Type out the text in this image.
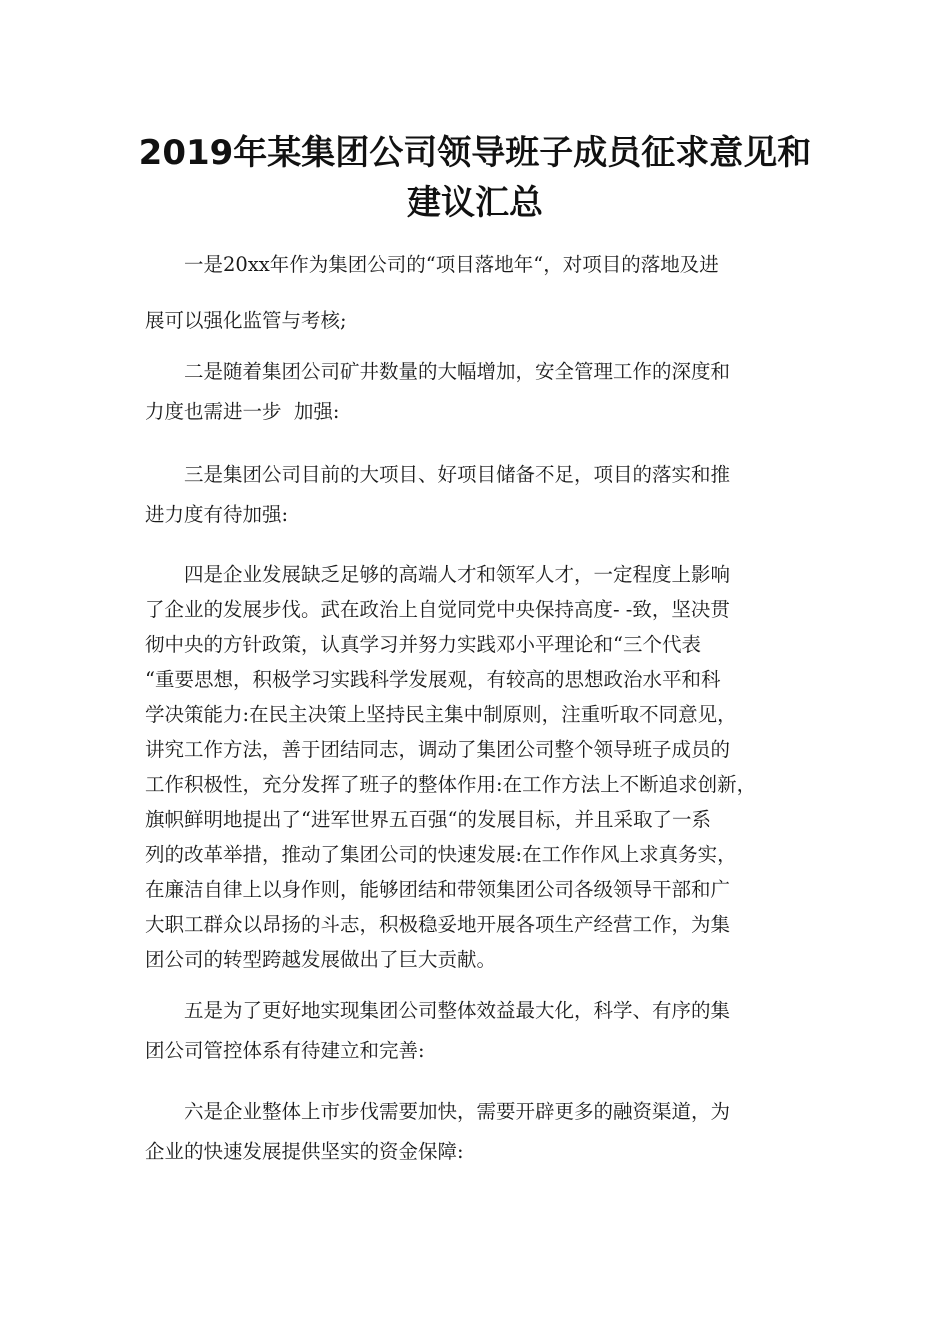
2019年某集团公司领导班子成员征求意见和
建议汇总
一是20xx年作为集团公司的“项目落地年“，对项目的落地及进
展可以强化监管与考核;
二是随着集团公司矿井数量的大幅增加，安全管理工作的深度和
力度也需进一步  加强:
三是集团公司目前的大项目、好项目储备不足，项目的落实和推
进力度有待加强:
四是企业发展缺乏足够的高端人才和领军人才，一定程度上影响
了企业的发展步伐。武在政治上自觉同党中央保持高度- -致，坚决贯
彻中央的方针政策，认真学习并努力实践邓小平理论和“三个代表
“重要思想，积极学习实践科学发展观，有较高的思想政治水平和科
学决策能力:在民主决策上坚持民主集中制原则，注重听取不同意见，
讲究工作方法，善于团结同志，调动了集团公司整个领导班子成员的
工作积极性，充分发挥了班子的整体作用:在工作方法上不断追求创新，
旗帜鲜明地提出了“进军世界五百强“的发展目标，并且采取了一系
列的改革举措，推动了集团公司的快速发展:在工作作风上求真务实，
在廉洁自律上以身作则，能够团结和带领集团公司各级领导干部和广
大职工群众以昂扬的斗志，积极稳妥地开展各项生产经营工作，为集
团公司的转型跨越发展做出了巨大贡献。
五是为了更好地实现集团公司整体效益最大化，科学、有序的集
团公司管控体系有待建立和完善:
六是企业整体上市步伐需要加快，需要开辟更多的融资渠道，为
企业的快速发展提供坚实的资金保障:
